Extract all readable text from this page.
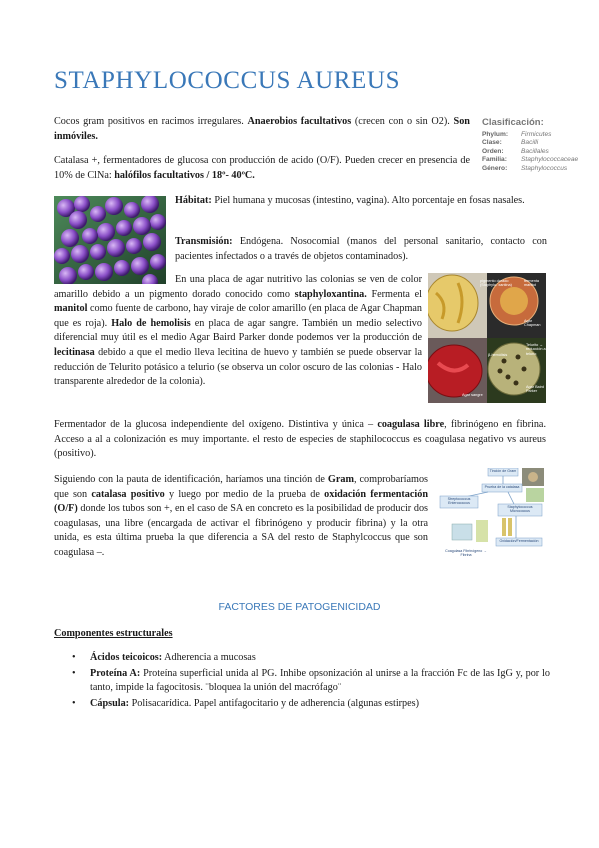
STAPHYLOCOCCUS AUREUS
Clasificación:
Phylum:	Firmicutes
Clase:	Bacilli
Orden:	Bacillales
Familia:	Staphylococcaceae
Género:	Staphylococcus

Cocos gram positivos en racimos irregulares. Anaerobios facultativos (crecen con o sin O2). Son inmóviles.

Catalasa +, fermentadores de glucosa con producción de acido (O/F). Pueden crecer en presencia de 10% de ClNa: halófilos facultativos / 18º- 40ºC.

Hábitat: Piel humana y mucosas (intestino, vagina). Alto porcentaje en fosas nasales.

Transmisión: Endógena. Nosocomial (manos del personal sanitario, contacto con pacientes infectados o a través de objetos contaminados).

En una placa de agar nutritivo las colonias se ven de color amarillo debido a un pigmento dorado conocido como staphyloxantina. Fermenta el manitol como fuente de carbono, hay viraje de color amarillo (en placa de Agar Chapman que es roja). Halo de hemolisis en placa de agar sangre. También un medio selectivo diferencial muy útil es el medio Agar Baird Parker donde podemos ver la producción de lecitinasa debido a que el medio lleva lecitina de huevo y también se puede observar la reducción de Telurito potásico a telurio (se observa un color oscuro de las colonias - Halo transparente alrededor de la colonia).

pigmento dorado (Staphylo- xantina)
fermenta manitol
Agar Chapman
β-hemólisis
Telurito → reducción a telurio
Agar sangre
Agar Baird Parker

Fermentador de la glucosa independiente del oxígeno. Distintiva y única – coagulasa libre, fibrinógeno en fibrina. Acceso a al a colonización es muy importante. el resto de especies de staphilococcus es coagulasa negativo vs aureus (positivo).

Siguiendo con la pauta de identificación, haríamos una tinción de Gram, comprobaríamos que son catalasa positivo y luego por medio de la prueba de oxidación fermentación (O/F) donde los tubos son +, en el caso de SA en concreto es la posibilidad de producir dos coagulasas, una libre (encargada de activar el fibrinógeno y producir fibrina) y la otra unida, es esta última prueba la que diferencia a SA del resto de Staphylcoccus que son coagulasa –.

Tinción de Gram
Prueba de la catalasa
Streptococcus Enterococcus
Staphylococcus Micrococcus
Oxidación/Fermentación
Coagulasa Fibrinógeno → Fibrina
FACTORES DE PATOGENICIDAD
Componentes estructurales
• Ácidos teicoicos: Adherencia a mucosas
• Proteína A: Proteína superficial unida al PG. Inhibe opsonización al unirse a la fracción Fc de las IgG y, por lo tanto, impide la fagocitosis. ¨bloquea la unión del macrófago¨
• Cápsula: Polisacarídica. Papel antifagocitario y de adherencia (algunas estirpes)
